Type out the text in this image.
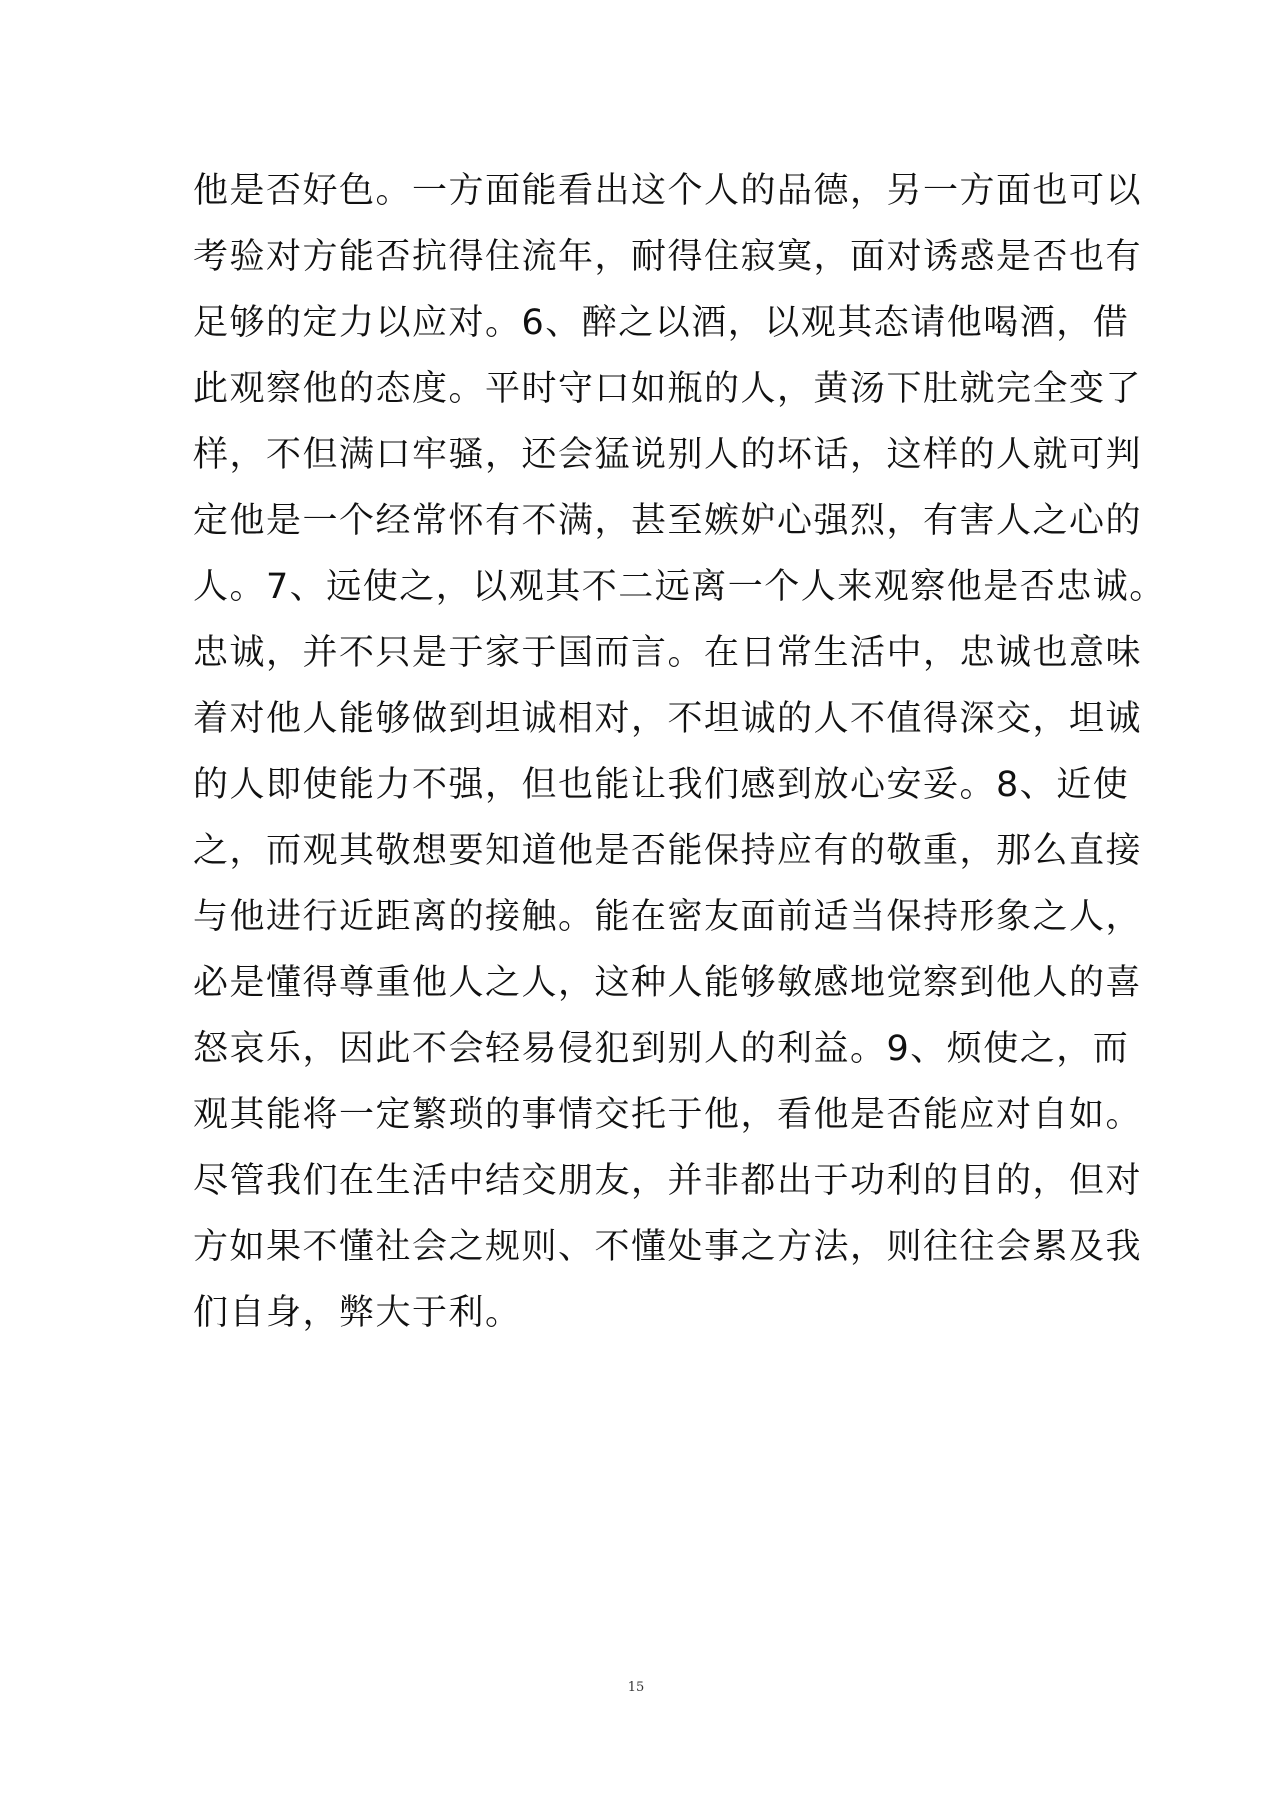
他是否好色。一方面能看出这个人的品德，另一方面也可以
考验对方能否抗得住流年，耐得住寂寞，面对诱惑是否也有
足够的定力以应对。6、醉之以酒，以观其态请他喝酒，借
此观察他的态度。平时守口如瓶的人，黄汤下肚就完全变了
样，不但满口牢骚，还会猛说别人的坏话，这样的人就可判
定他是一个经常怀有不满，甚至嫉妒心强烈，有害人之心的
人。7、远使之，以观其不二远离一个人来观察他是否忠诚。
忠诚，并不只是于家于国而言。在日常生活中，忠诚也意味
着对他人能够做到坦诚相对，不坦诚的人不值得深交，坦诚
的人即使能力不强，但也能让我们感到放心安妥。8、近使
之，而观其敬想要知道他是否能保持应有的敬重，那么直接
与他进行近距离的接触。能在密友面前适当保持形象之人，
必是懂得尊重他人之人，这种人能够敏感地觉察到他人的喜
怒哀乐，因此不会轻易侵犯到别人的利益。9、烦使之，而
观其能将一定繁琐的事情交托于他，看他是否能应对自如。
尽管我们在生活中结交朋友，并非都出于功利的目的，但对
方如果不懂社会之规则、不懂处事之方法，则往往会累及我
们自身，弊大于利。
15
